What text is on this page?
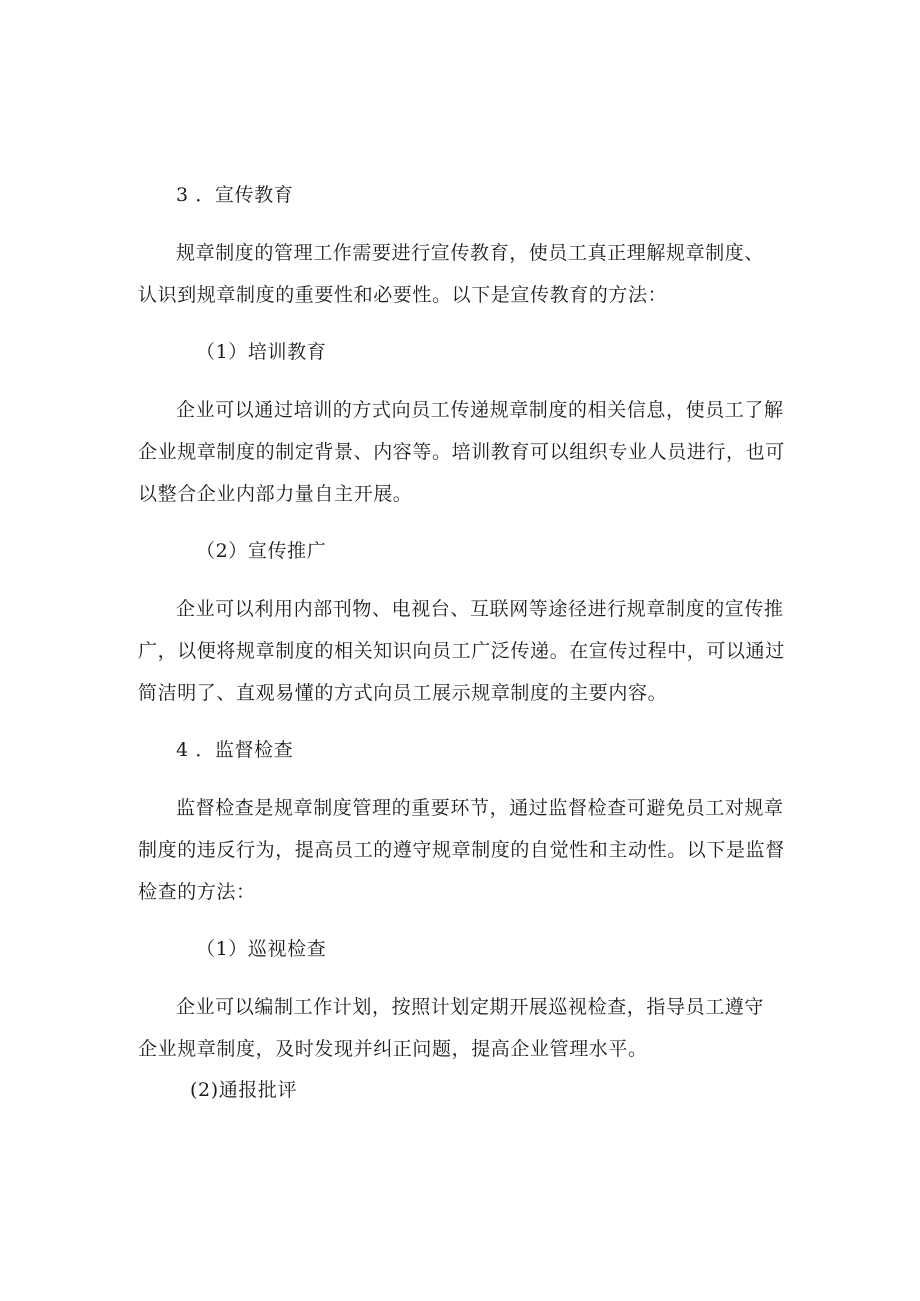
3 ．宣传教育
规章制度的管理工作需要进行宣传教育，使员工真正理解规章制度、
认识到规章制度的重要性和必要性。以下是宣传教育的方法：
（1）培训教育
企业可以通过培训的方式向员工传递规章制度的相关信息，使员工了解
企业规章制度的制定背景、内容等。培训教育可以组织专业人员进行，也可
以整合企业内部力量自主开展。
（2）宣传推广
企业可以利用内部刊物、电视台、互联网等途径进行规章制度的宣传推
广，以便将规章制度的相关知识向员工广泛传递。在宣传过程中，可以通过
简洁明了、直观易懂的方式向员工展示规章制度的主要内容。
4 ．监督检查
监督检查是规章制度管理的重要环节，通过监督检查可避免员工对规章
制度的违反行为，提高员工的遵守规章制度的自觉性和主动性。以下是监督
检查的方法：
（1）巡视检查
企业可以编制工作计划，按照计划定期开展巡视检查，指导员工遵守
企业规章制度，及时发现并纠正问题，提高企业管理水平。
(2)通报批评
